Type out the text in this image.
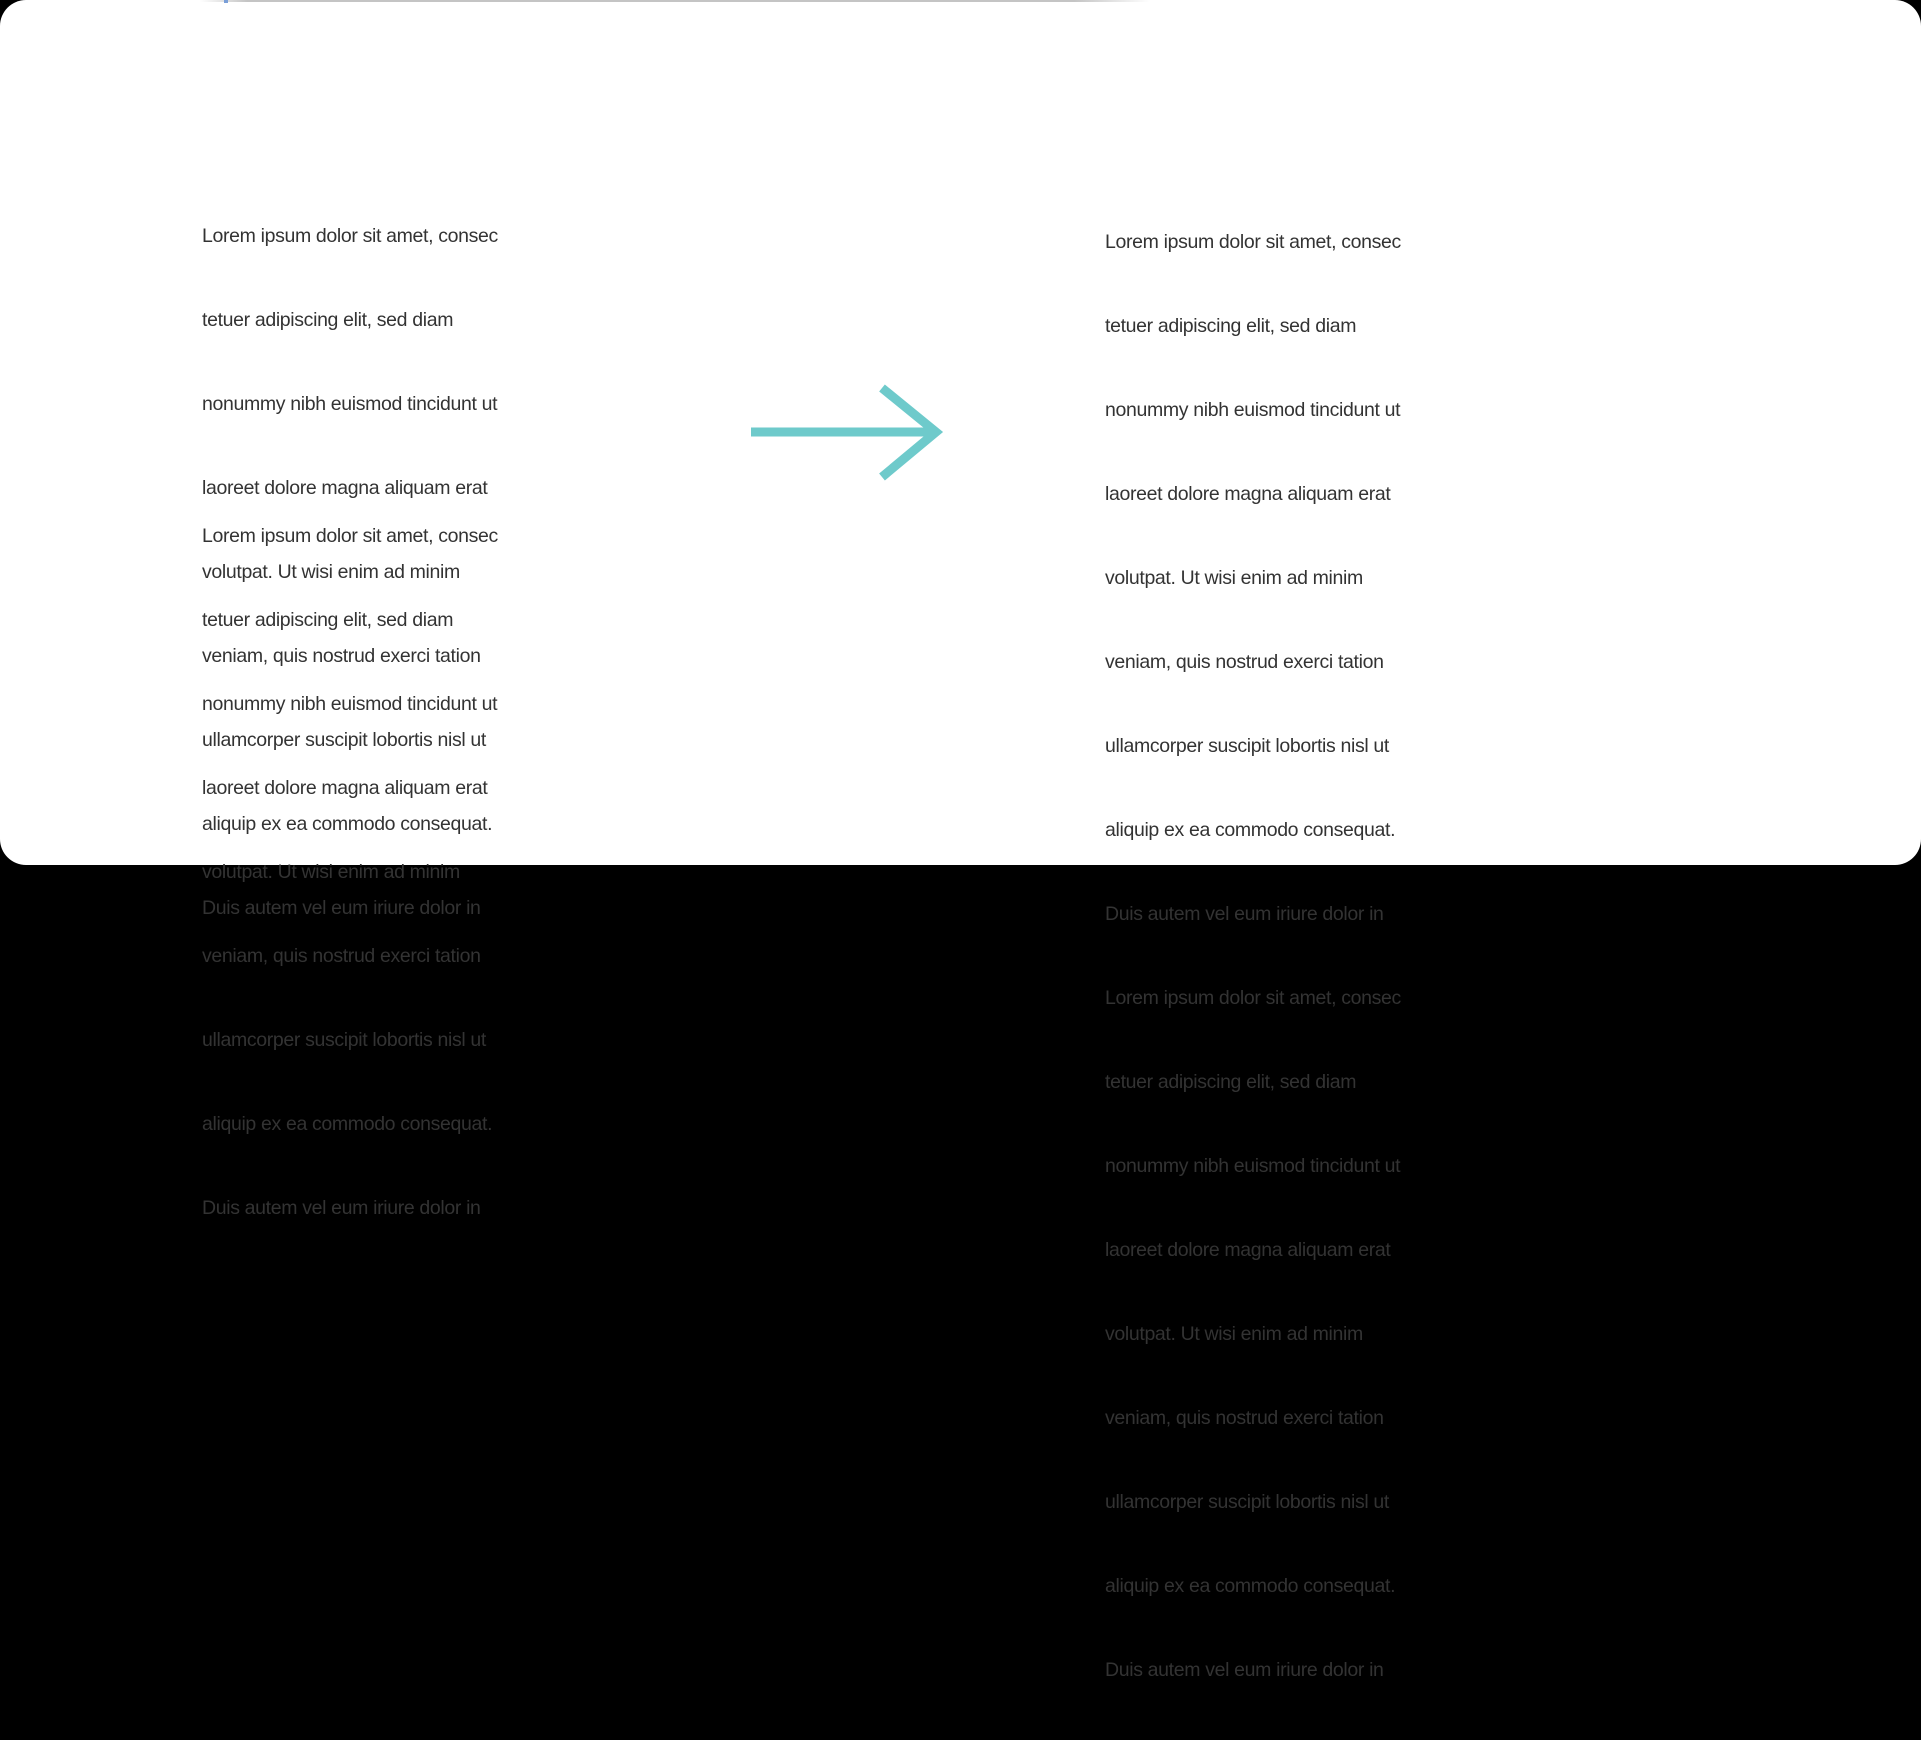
Lorem ipsum dolor sit amet, consec

tetuer adipiscing elit, sed diam

nonummy nibh euismod tincidunt ut

laoreet dolore magna aliquam erat

volutpat. Ut wisi enim ad minim

veniam, quis nostrud exerci tation

ullamcorper suscipit lobortis nisl ut

aliquip ex ea commodo consequat.

Duis autem vel eum iriure dolor in

Lorem ipsum dolor sit amet, consec

tetuer adipiscing elit, sed diam

nonummy nibh euismod tincidunt ut

laoreet dolore magna aliquam erat

volutpat. Ut wisi enim ad minim

veniam, quis nostrud exerci tation

ullamcorper suscipit lobortis nisl ut

aliquip ex ea commodo consequat.

Duis autem vel eum iriure dolor in

Lorem ipsum dolor sit amet, consec

tetuer adipiscing elit, sed diam

nonummy nibh euismod tincidunt ut

laoreet dolore magna aliquam erat

volutpat. Ut wisi enim ad minim

veniam, quis nostrud exerci tation

ullamcorper suscipit lobortis nisl ut

aliquip ex ea commodo consequat.

Duis autem vel eum iriure dolor in

Lorem ipsum dolor sit amet, consec

tetuer adipiscing elit, sed diam

nonummy nibh euismod tincidunt ut

laoreet dolore magna aliquam erat

volutpat. Ut wisi enim ad minim

veniam, quis nostrud exerci tation

ullamcorper suscipit lobortis nisl ut

aliquip ex ea commodo consequat.

Duis autem vel eum iriure dolor in
